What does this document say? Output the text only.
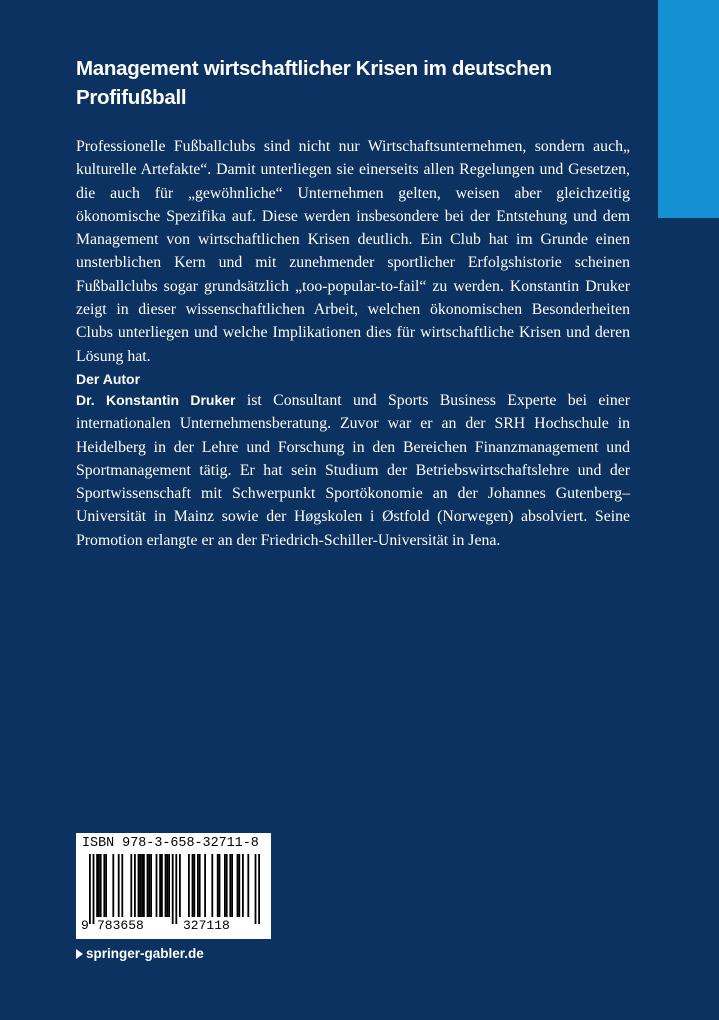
Management wirtschaftlicher Krisen im deutschen Profifußball

Professionelle Fußballclubs sind nicht nur Wirtschaftsunternehmen, sondern auch„ kulturelle Artefakte“. Damit unterliegen sie einerseits allen Regelungen und Gesetzen, die auch für „gewöhnliche“ Unternehmen gelten, weisen aber gleichzeitig ökonomische Spezifika auf. Diese werden insbesondere bei der Entstehung und dem Management von wirtschaftlichen Krisen deutlich. Ein Club hat im Grunde einen unsterblichen Kern und mit zunehmender sportlicher Erfolgshistorie scheinen Fußballclubs sogar grundsätzlich „too-popular-to-fail“ zu werden. Konstantin Druker zeigt in dieser wissenschaftlichen Arbeit, welchen ökonomischen Besonderheiten Clubs unterliegen und welche Implikationen dies für wirtschaftliche Krisen und deren Lösung hat.

Der Autor

Dr. Konstantin Druker ist Consultant und Sports Business Experte bei einer internationalen Unternehmensberatung. Zuvor war er an der SRH Hochschule in Heidelberg in der Lehre und Forschung in den Bereichen Finanzmanagement und Sportmanagement tätig. Er hat sein Studium der Betriebswirtschaftslehre und der Sportwissenschaft mit Schwerpunkt Sportökonomie an der Johannes Gutenberg–Universität in Mainz sowie der Høgskolen i Østfold (Norwegen) absolviert. Seine Promotion erlangte er an der Friedrich-Schiller-Universität in Jena.

ISBN 978-3-658-32711-8
9 783658	327118
springer-gabler.de
